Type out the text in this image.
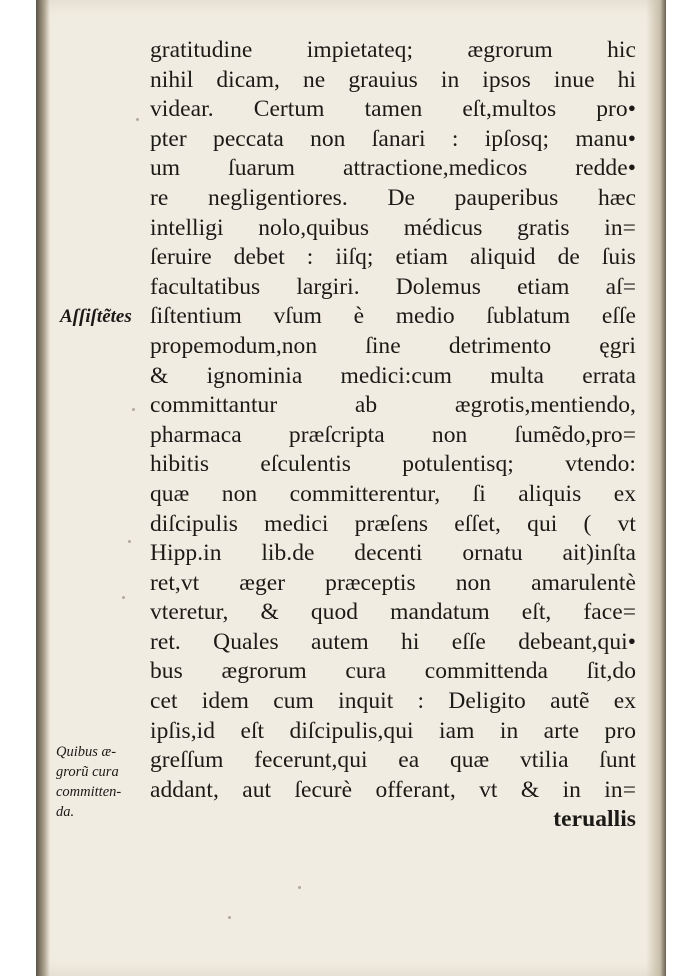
gratitudine impietateq; ægrorum hic
nihil dicam, ne grauius in ipsos inue hi
videar. Certum tamen eſt,multos pro•
pter peccata non ſanari : ipſosq; manu•
um ſuarum attractione,medicos redde•
re negligentiores. De pauperibus hæc
intelligi nolo,quibus médicus gratis in=
ſeruire debet : iiſq; etiam aliquid de ſuis
facultatibus largiri. Dolemus etiam aſ=
ſiſtentium vſum è medio ſublatum eſſe
propemodum,non ſine detrimento ęgri
& ignominia medici:cum multa errata
committantur ab ægrotis,mentiendo,
pharmaca præſcripta non ſumẽdo,pro=
hibitis eſculentis potulentisq; vtendo:
quæ non committerentur, ſi aliquis ex
diſcipulis medici præſens eſſet, qui ( vt
Hipp.in lib.de decenti ornatu ait)inſta
ret,vt æger præceptis non amarulentè
vteretur, & quod mandatum eſt, face=
ret. Quales autem hi eſſe debeant,qui•
bus ægrorum cura committenda ſit,do
cet idem cum inquit : Deligito autẽ ex
ipſis,id eſt diſcipulis,qui iam in arte pro
greſſum fecerunt,qui ea quæ vtilia ſunt
addant, aut ſecurè offerant, vt & in in=
teruallis
Aſſiſtẽtes
Quibus æ-
grorũ cura
committen-
da.
